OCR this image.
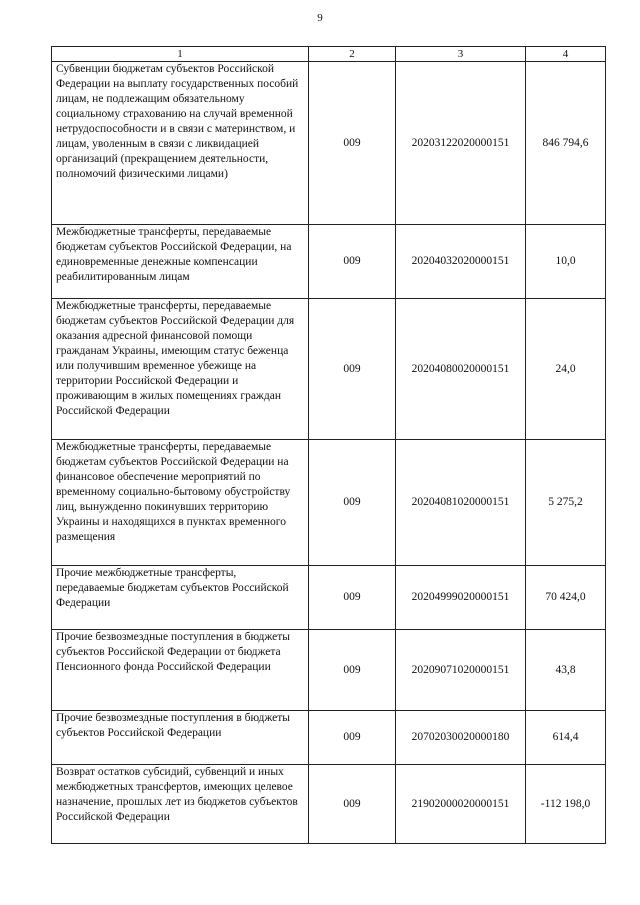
9
1	2	3	4
Субвенции бюджетам субъектов Российской Федерации на выплату государственных пособий лицам, не подлежащим обязательному социальному страхованию на случай временной нетрудоспособности и в связи с материнством, и лицам, уволенным в связи с ликвидацией организаций (прекращением деятельности, полномочий физическими лицами)	009	20203122020000151	846 794,6
Межбюджетные трансферты, передаваемые бюджетам субъектов Российской Федерации, на единовременные денежные компенсации реабилитированным лицам	009	20204032020000151	10,0
Межбюджетные трансферты, передаваемые бюджетам субъектов Российской Федерации для оказания адресной финансовой помощи гражданам Украины, имеющим статус беженца или получившим временное убежище на территории Российской Федерации и проживающим в жилых помещениях граждан Российской Федерации	009	20204080020000151	24,0
Межбюджетные трансферты, передаваемые бюджетам субъектов Российской Федерации на финансовое обеспечение мероприятий по временному социально-бытовому обустройству лиц, вынужденно покинувших территорию Украины и находящихся в пунктах временного размещения	009	20204081020000151	5 275,2
Прочие межбюджетные трансферты, передаваемые бюджетам субъектов Российской Федерации	009	20204999020000151	70 424,0
Прочие безвозмездные поступления в бюджеты субъектов Российской Федерации от бюджета Пенсионного фонда Российской Федерации	009	20209071020000151	43,8
Прочие безвозмездные поступления в бюджеты субъектов Российской Федерации	009	20702030020000180	614,4
Возврат остатков субсидий, субвенций и иных межбюджетных трансфертов, имеющих целевое назначение, прошлых лет из бюджетов субъектов Российской Федерации	009	21902000020000151	-112 198,0
